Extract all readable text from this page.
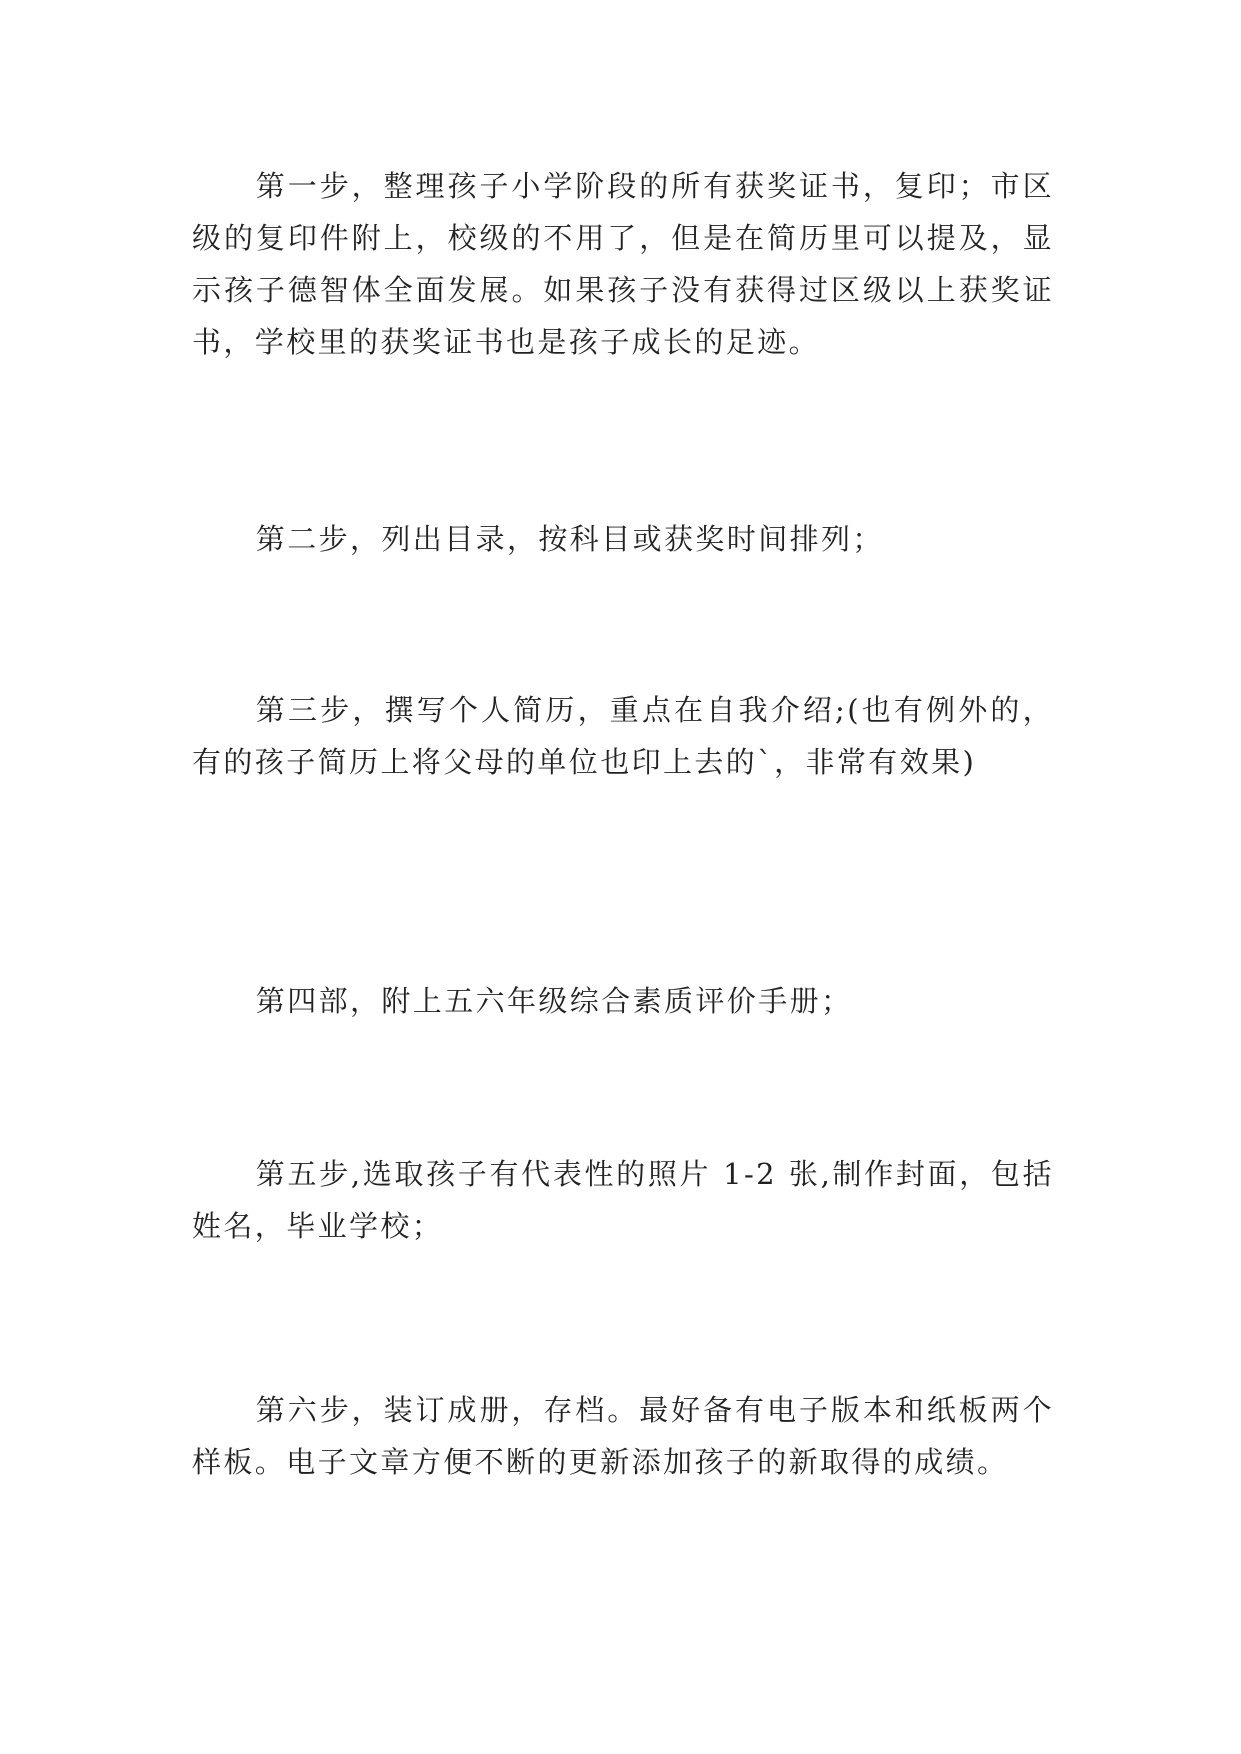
第一步，整理孩子小学阶段的所有获奖证书，复印；市区级的复印件附上，校级的不用了，但是在简历里可以提及，显示孩子德智体全面发展。如果孩子没有获得过区级以上获奖证书，学校里的获奖证书也是孩子成长的足迹。

第二步，列出目录，按科目或获奖时间排列；

第三步，撰写个人简历，重点在自我介绍;(也有例外的，有的孩子简历上将父母的单位也印上去的`，非常有效果)

第四部，附上五六年级综合素质评价手册；

第五步,选取孩子有代表性的照片 1-2 张,制作封面，包括姓名，毕业学校；

第六步，装订成册，存档。最好备有电子版本和纸板两个样板。电子文章方便不断的更新添加孩子的新取得的成绩。
